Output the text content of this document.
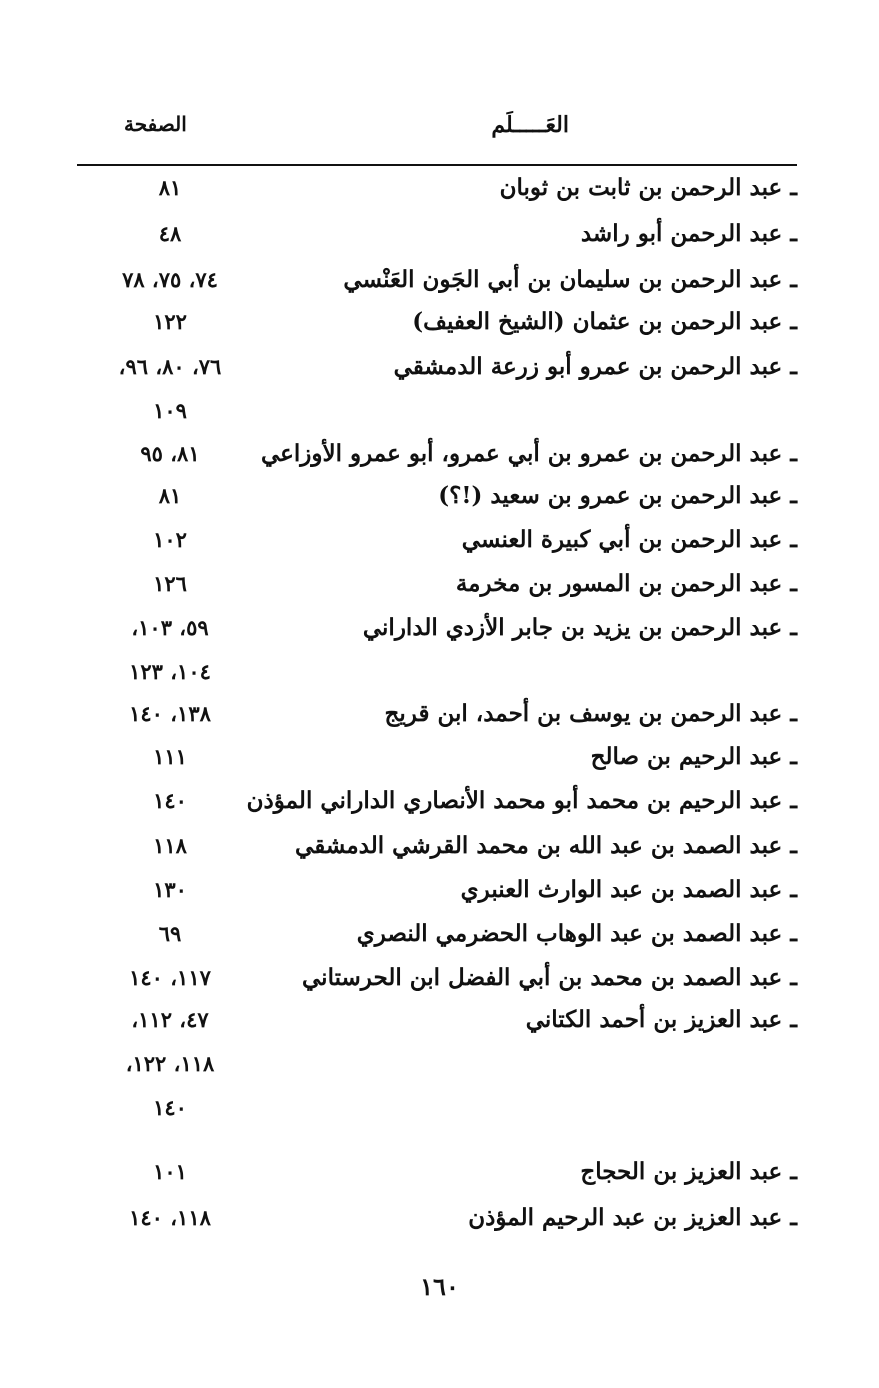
العَـــــلَم
الصفحة
ـ عبد الرحمن بن ثابت بن ثوبان
٨١
ـ عبد الرحمن أبو راشد
٤٨
ـ عبد الرحمن بن سليمان بن أبي الجَون العَنْسي
٧٤، ٧٥، ٧٨
ـ عبد الرحمن بن عثمان (الشيخ العفيف)
١٢٢
ـ عبد الرحمن بن عمرو أبو زرعة الدمشقي
٧٦، ٨٠، ٩٦،
١٠٩
ـ عبد الرحمن بن عمرو بن أبي عمرو، أبو عمرو الأوزاعي
٨١، ٩٥
ـ عبد الرحمن بن عمرو بن سعيد (!؟)
٨١
ـ عبد الرحمن بن أبي كبيرة العنسي
١٠٢
ـ عبد الرحمن بن المسور بن مخرمة
١٢٦
ـ عبد الرحمن بن يزيد بن جابر الأزدي الداراني
٥٩، ١٠٣،
١٠٤، ١٢٣
ـ عبد الرحمن بن يوسف بن أحمد، ابن قريج
١٣٨، ١٤٠
ـ عبد الرحيم بن صالح
١١١
ـ عبد الرحيم بن محمد أبو محمد الأنصاري الداراني المؤذن
١٤٠
ـ عبد الصمد بن عبد الله بن محمد القرشي الدمشقي
١١٨
ـ عبد الصمد بن عبد الوارث العنبري
١٣٠
ـ عبد الصمد بن عبد الوهاب الحضرمي النصري
٦٩
ـ عبد الصمد بن محمد بن أبي الفضل ابن الحرستاني
١١٧، ١٤٠
ـ عبد العزيز بن أحمد الكتاني
٤٧، ١١٢،
١١٨، ١٢٢،
١٤٠
ـ عبد العزيز بن الحجاج
١٠١
ـ عبد العزيز بن عبد الرحيم المؤذن
١١٨، ١٤٠
١٦٠
